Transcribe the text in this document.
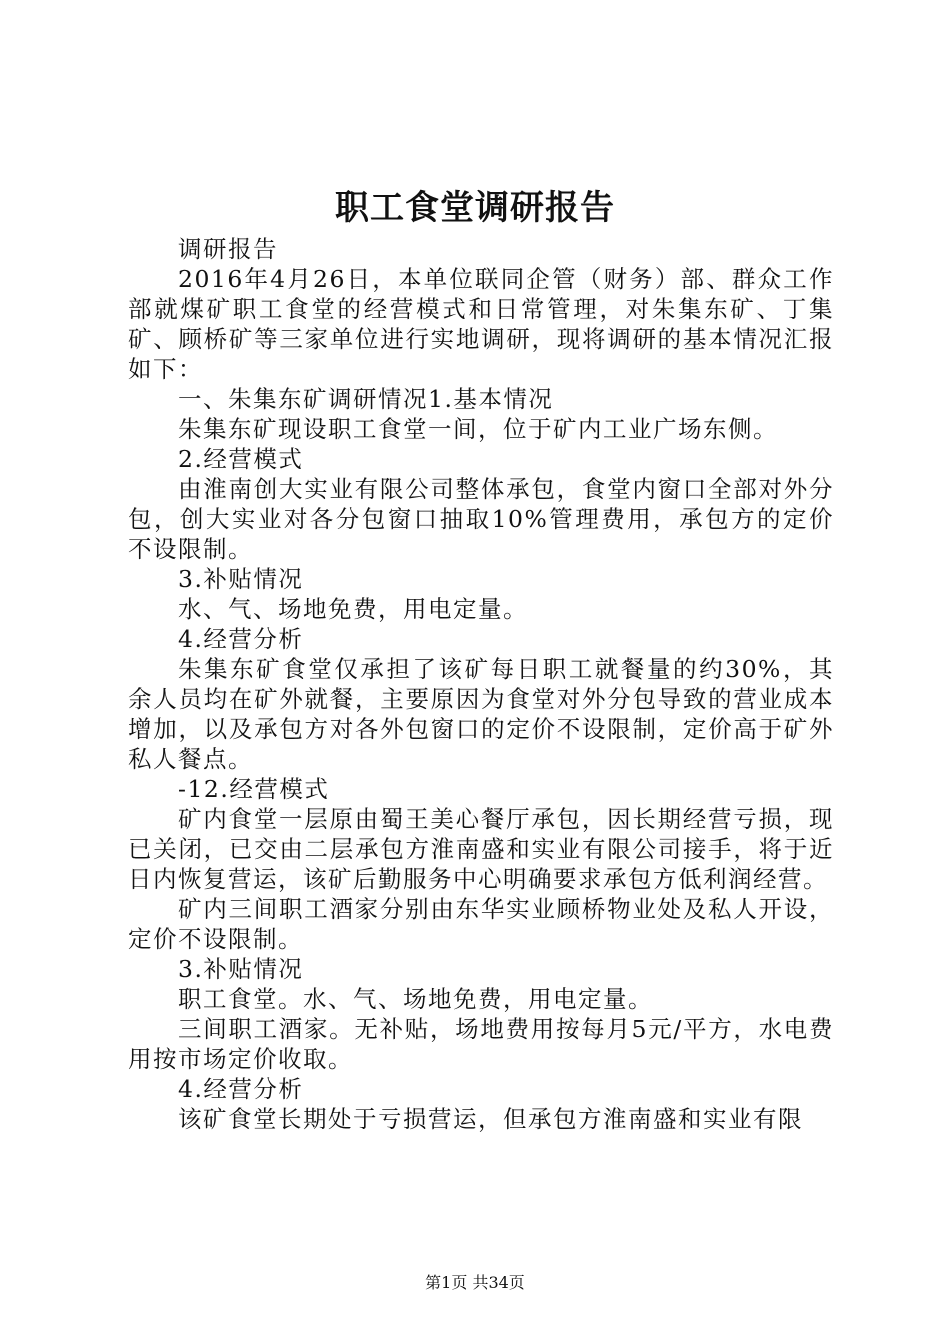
职工食堂调研报告

调研报告

2016年4月26日，本单位联同企管（财务）部、群众工作部就煤矿职工食堂的经营模式和日常管理，对朱集东矿、丁集矿、顾桥矿等三家单位进行实地调研，现将调研的基本情况汇报如下：

一、朱集东矿调研情况1.基本情况

朱集东矿现设职工食堂一间，位于矿内工业广场东侧。

2.经营模式

由淮南创大实业有限公司整体承包，食堂内窗口全部对外分包，创大实业对各分包窗口抽取10%管理费用，承包方的定价不设限制。

3.补贴情况

水、气、场地免费，用电定量。

4.经营分析

朱集东矿食堂仅承担了该矿每日职工就餐量的约30%，其余人员均在矿外就餐，主要原因为食堂对外分包导致的营业成本增加，以及承包方对各外包窗口的定价不设限制，定价高于矿外私人餐点。

-12.经营模式

矿内食堂一层原由蜀王美心餐厅承包，因长期经营亏损，现已关闭，已交由二层承包方淮南盛和实业有限公司接手，将于近日内恢复营运，该矿后勤服务中心明确要求承包方低利润经营。

矿内三间职工酒家分别由东华实业顾桥物业处及私人开设，定价不设限制。

3.补贴情况

职工食堂。水、气、场地免费，用电定量。

三间职工酒家。无补贴，场地费用按每月5元/平方，水电费用按市场定价收取。

4.经营分析

该矿食堂长期处于亏损营运，但承包方淮南盛和实业有限

第1页 共34页
